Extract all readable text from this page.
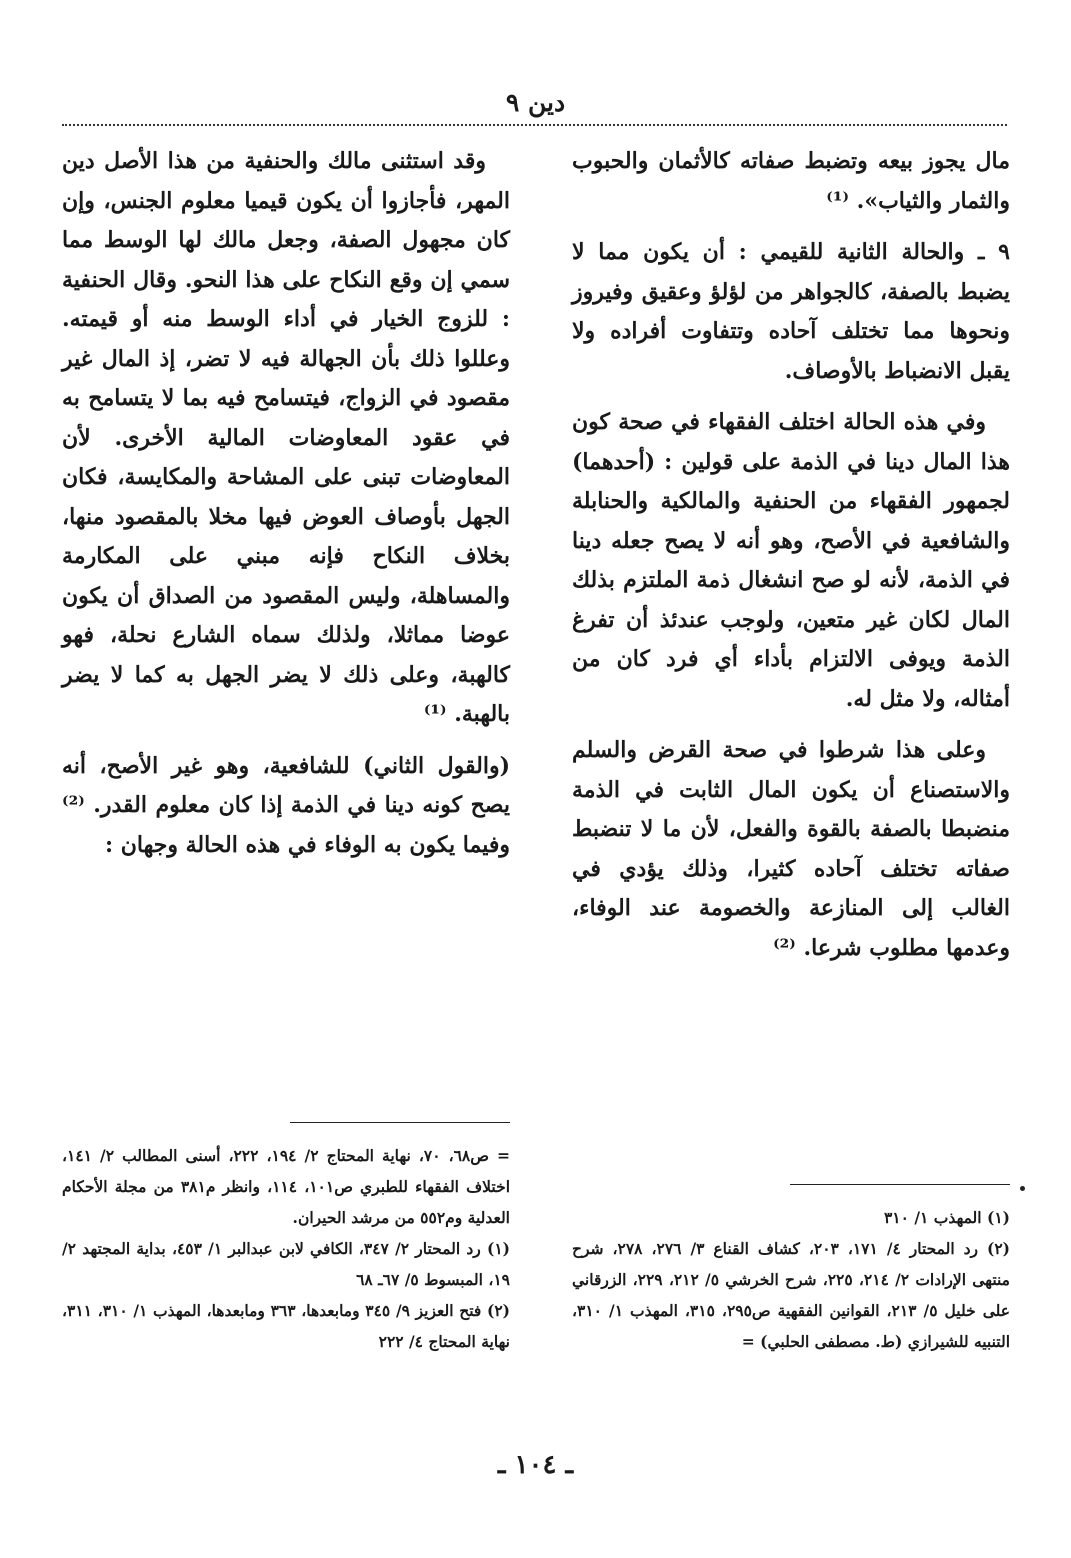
دين ٩

مال يجوز بيعه وتضبط صفاته كالأثمان والحبوب والثمار والثياب». ⁽¹⁾

٩ ـ والحالة الثانية للقيمي : أن يكون مما لا يضبط بالصفة، كالجواهر من لؤلؤ وعقيق وفيروز ونحوها مما تختلف آحاده وتتفاوت أفراده ولا يقبل الانضباط بالأوصاف.

وفي هذه الحالة اختلف الفقهاء في صحة كون هذا المال دينا في الذمة على قولين : (أحدهما) لجمهور الفقهاء من الحنفية والمالكية والحنابلة والشافعية في الأصح، وهو أنه لا يصح جعله دينا في الذمة، لأنه لو صح انشغال ذمة الملتزم بذلك المال لكان غير متعين، ولوجب عندئذ أن تفرغ الذمة ويوفى الالتزام بأداء أي فرد كان من أمثاله، ولا مثل له.

وعلى هذا شرطوا في صحة القرض والسلم والاستصناع أن يكون المال الثابت في الذمة منضبطا بالصفة بالقوة والفعل، لأن ما لا تنضبط صفاته تختلف آحاده كثيرا، وذلك يؤدي في الغالب إلى المنازعة والخصومة عند الوفاء، وعدمها مطلوب شرعا. ⁽²⁾

وقد استثنى مالك والحنفية من هذا الأصل دين المهر، فأجازوا أن يكون قيميا معلوم الجنس، وإن كان مجهول الصفة، وجعل مالك لها الوسط مما سمي إن وقع النكاح على هذا النحو. وقال الحنفية : للزوج الخيار في أداء الوسط منه أو قيمته. وعللوا ذلك بأن الجهالة فيه لا تضر، إذ المال غير مقصود في الزواج، فيتسامح فيه بما لا يتسامح به في عقود المعاوضات المالية الأخرى. لأن المعاوضات تبنى على المشاحة والمكايسة، فكان الجهل بأوصاف العوض فيها مخلا بالمقصود منها، بخلاف النكاح فإنه مبني على المكارمة والمساهلة، وليس المقصود من الصداق أن يكون عوضا مماثلا، ولذلك سماه الشارع نحلة، فهو كالهبة، وعلى ذلك لا يضر الجهل به كما لا يضر بالهبة. ⁽¹⁾

(والقول الثاني) للشافعية، وهو غير الأصح، أنه يصح كونه دينا في الذمة إذا كان معلوم القدر. ⁽²⁾ وفيما يكون به الوفاء في هذه الحالة وجهان :

(١) المهذب ١/ ٣١٠

(٢) رد المحتار ٤/ ١٧١، ٢٠٣، كشاف القناع ٣/ ٢٧٦، ٢٧٨، شرح منتهى الإرادات ٢/ ٢١٤، ٢٢٥، شرح الخرشي ٥/ ٢١٢، ٢٢٩، الزرقاني على خليل ٥/ ٢١٣، القوانين الفقهية ص٢٩٥، ٣١٥، المهذب ١/ ٣١٠، التنبيه للشيرازي (ط. مصطفى الحلبي) =

= ص٦٨، ٧٠، نهاية المحتاج ٢/ ١٩٤، ٢٢٢، أسنى المطالب ٢/ ١٤١، اختلاف الفقهاء للطبري ص١٠١، ١١٤، وانظر م٣٨١ من مجلة الأحكام العدلية وم٥٥٢ من مرشد الحيران.

(١) رد المحتار ٢/ ٣٤٧، الكافي لابن عبدالبر ١/ ٤٥٣، بداية المجتهد ٢/ ١٩، المبسوط ٥/ ٦٧ـ ٦٨

(٢) فتح العزيز ٩/ ٣٤٥ ومابعدها، ٣٦٣ ومابعدها، المهذب ١/ ٣١٠، ٣١١، نهاية المحتاج ٤/ ٢٢٢

ـ ١٠٤ ـ
